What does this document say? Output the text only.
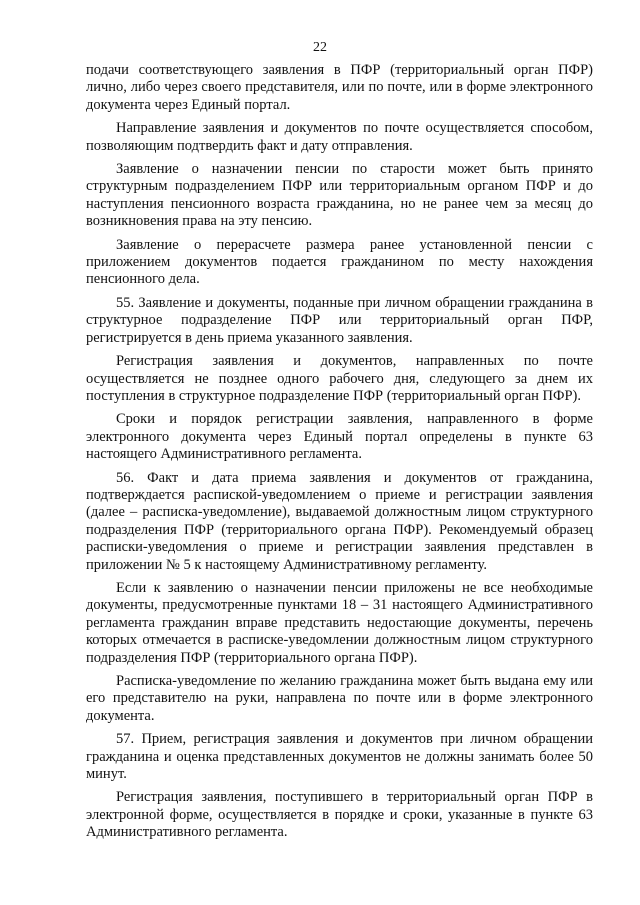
22

подачи соответствующего заявления в ПФР (территориальный орган ПФР) лично, либо через своего представителя, или по почте, или в форме электронного документа через Единый портал.

Направление заявления и документов по почте осуществляется способом, позволяющим подтвердить факт и дату отправления.

Заявление о назначении пенсии по старости может быть принято структурным подразделением ПФР или территориальным органом ПФР и до наступления пенсионного возраста гражданина, но не ранее чем за месяц до возникновения права на эту пенсию.

Заявление о перерасчете размера ранее установленной пенсии с приложением документов подается гражданином по месту нахождения пенсионного дела.

55. Заявление и документы, поданные при личном обращении гражданина в структурное подразделение ПФР или территориальный орган ПФР, регистрируется в день приема указанного заявления.

Регистрация заявления и документов, направленных по почте осуществляется не позднее одного рабочего дня, следующего за днем их поступления в структурное подразделение ПФР (территориальный орган ПФР).

Сроки и порядок регистрации заявления, направленного в форме электронного документа через Единый портал определены в пункте 63 настоящего Административного регламента.

56. Факт и дата приема заявления и документов от гражданина, подтверждается распиской-уведомлением о приеме и регистрации заявления (далее – расписка-уведомление), выдаваемой должностным лицом структурного подразделения ПФР (территориального органа ПФР). Рекомендуемый образец расписки-уведомления о приеме и регистрации заявления представлен в приложении № 5 к настоящему Административному регламенту.

Если к заявлению о назначении пенсии приложены не все необходимые документы, предусмотренные пунктами 18 – 31 настоящего Административного регламента гражданин вправе представить недостающие документы, перечень которых отмечается в расписке-уведомлении должностным лицом структурного подразделения ПФР (территориального органа ПФР).

Расписка-уведомление по желанию гражданина может быть выдана ему или его представителю на руки, направлена по почте или в форме электронного документа.

57. Прием, регистрация заявления и документов при личном обращении гражданина и оценка представленных документов не должны занимать более 50 минут.

Регистрация заявления, поступившего в территориальный орган ПФР в электронной форме, осуществляется в порядке и сроки, указанные в пункте 63 Административного регламента.
